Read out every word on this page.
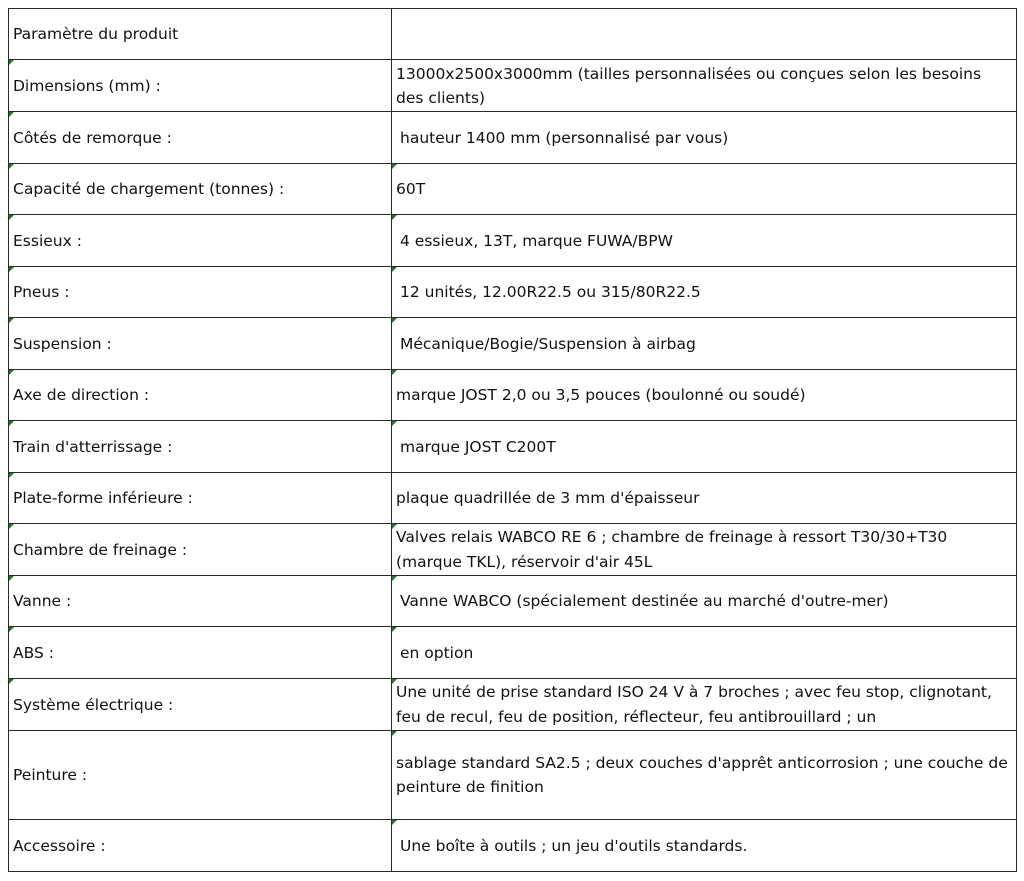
Paramètre du produit	
Dimensions (mm) :	13000x2500x3000mm (tailles personnalisées ou conçues selon les besoins des clients)
Côtés de remorque :	hauteur 1400 mm (personnalisé par vous)
Capacité de chargement (tonnes) :	60T
Essieux :	4 essieux, 13T, marque FUWA/BPW
Pneus :	12 unités, 12.00R22.5 ou 315/80R22.5
Suspension :	Mécanique/Bogie/Suspension à airbag
Axe de direction :	marque JOST 2,0 ou 3,5 pouces (boulonné ou soudé)
Train d'atterrissage :	marque JOST C200T
Plate-forme inférieure :	plaque quadrillée de 3 mm d'épaisseur
Chambre de freinage :	Valves relais WABCO RE 6 ; chambre de freinage à ressort T30/30+T30 (marque TKL), réservoir d'air 45L
Vanne :	Vanne WABCO (spécialement destinée au marché d'outre-mer)
ABS :	en option
Système électrique :	Une unité de prise standard ISO 24 V à 7 broches ; avec feu stop, clignotant, feu de recul, feu de position, réflecteur, feu antibrouillard ; un
Peinture :	sablage standard SA2.5 ; deux couches d'apprêt anticorrosion ; une couche de peinture de finition
Accessoire :	Une boîte à outils ; un jeu d'outils standards.
